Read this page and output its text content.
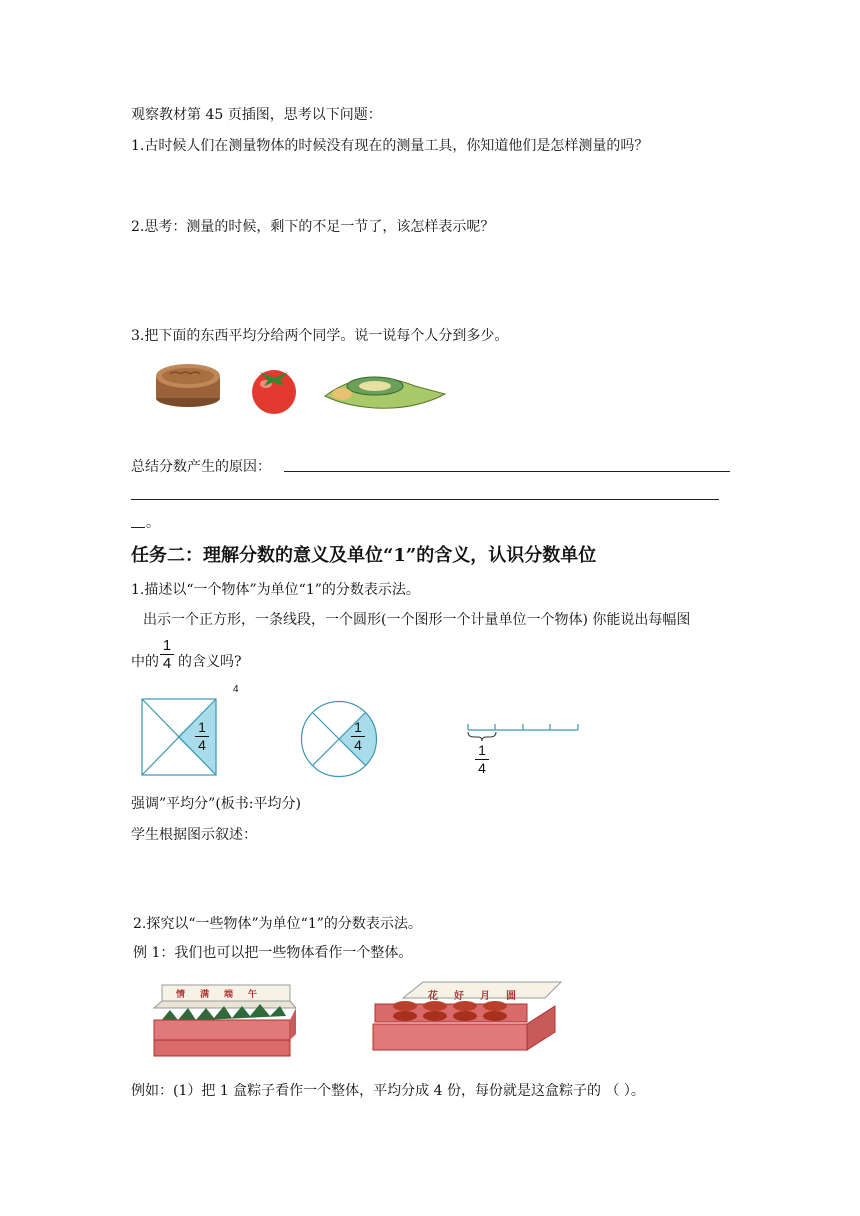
观察教材第 45 页插图，思考以下问题：
1.古时候人们在测量物体的时候没有现在的测量工具，你知道他们是怎样测量的吗？
2.思考：测量的时候，剩下的不足一节了，该怎样表示呢？
3.把下面的东西平均分给两个同学。说一说每个人分到多少。
总结分数产生的原因：
。
任务二：理解分数的意义及单位“1”的含义，认识分数单位
1.描述以“一个物体”为单位“1”的分数表示法。
出示一个正方形，一条线段，一个圆形(一个图形一个计量单位一个物体) 你能说出每幅图
中的
1
4 的含义吗?
4
1
4
1
4	1
4
强调”平均分”(板书:平均分)
学生根据图示叙述：
2.探究以“一些物体”为单位“1”的分数表示法。
例 1：我们也可以把一些物体看作一个整体。
情满端午	花好月圆
例如：(1）把 1 盒粽子看作一个整体，平均分成 4 份，每份就是这盒粽子的 （ ）。
